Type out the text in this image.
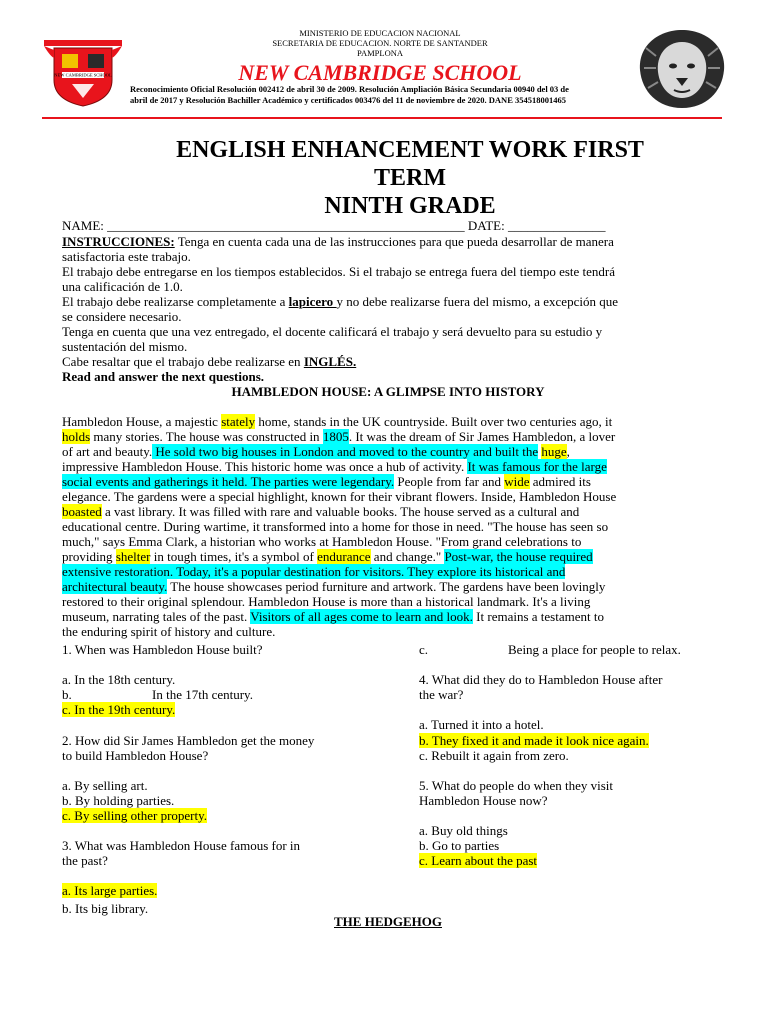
NEW CAMBRIDGE SCHOOL
MINISTERIO DE EDUCACION NACIONAL
SECRETARIA DE EDUCACION. NORTE DE SANTANDER
PAMPLONA
NEW CAMBRIDGE SCHOOL
Reconocimiento Oficial Resolución 002412 de abril 30 de 2009. Resolución Ampliación Básica Secundaria 00940 del 03 de
abril de 2017 y Resolución Bachiller Académico y certificados 003476 del 11 de noviembre de 2020. DANE 354518001465
ENGLISH ENHANCEMENT WORK FIRST
TERM
NINTH GRADE
NAME: _______________________________________________________ DATE: _______________
INSTRUCCIONES: Tenga en cuenta cada una de las instrucciones para que pueda desarrollar de manera
satisfactoria este trabajo.
El trabajo debe entregarse en los tiempos establecidos. Si el trabajo se entrega fuera del tiempo este tendrá
una calificación de 1.0.
El trabajo debe realizarse completamente a lapicero y no debe realizarse fuera del mismo, a excepción que
se considere necesario.
Tenga en cuenta que una vez entregado, el docente calificará el trabajo y será devuelto para su estudio y
sustentación del mismo.
Cabe resaltar que el trabajo debe realizarse en INGLÉS.
Read and answer the next questions.
HAMBLEDON HOUSE: A GLIMPSE INTO HISTORY
Hambledon House, a majestic stately home, stands in the UK countryside. Built over two centuries ago, it
holds many stories. The house was constructed in 1805. It was the dream of Sir James Hambledon, a lover
of art and beauty. He sold two big houses in London and moved to the country and built the huge,
impressive Hambledon House. This historic home was once a hub of activity. It was famous for the large
social events and gatherings it held. The parties were legendary. People from far and wide admired its
elegance. The gardens were a special highlight, known for their vibrant flowers. Inside, Hambledon House
boasted a vast library. It was filled with rare and valuable books. The house served as a cultural and
educational centre. During wartime, it transformed into a home for those in need. "The house has seen so
much," says Emma Clark, a historian who works at Hambledon House. "From grand celebrations to
providing shelter in tough times, it's a symbol of endurance and change." Post-war, the house required
extensive restoration. Today, it's a popular destination for visitors. They explore its historical and
architectural beauty. The house showcases period furniture and artwork. The gardens have been lovingly
restored to their original splendour. Hambledon House is more than a historical landmark. It's a living
museum, narrating tales of the past. Visitors of all ages come to learn and look. It remains a testament to
the enduring spirit of history and culture.
1. When was Hambledon House built?
a. In the 18th century.
b.	In the 17th century.
c. In the 19th century.
2. How did Sir James Hambledon get the money
to build Hambledon House?
a. By selling art.
b. By holding parties.
c. By selling other property.
3. What was Hambledon House famous for in
the past?
a. Its large parties.
b. Its big library.
c.	Being a place for people to relax.
4. What did they do to Hambledon House after
the war?
a. Turned it into a hotel.
b. They fixed it and made it look nice again.
c. Rebuilt it again from zero.
5. What do people do when they visit
Hambledon House now?
a. Buy old things
b. Go to parties
c. Learn about the past
THE HEDGEHOG
